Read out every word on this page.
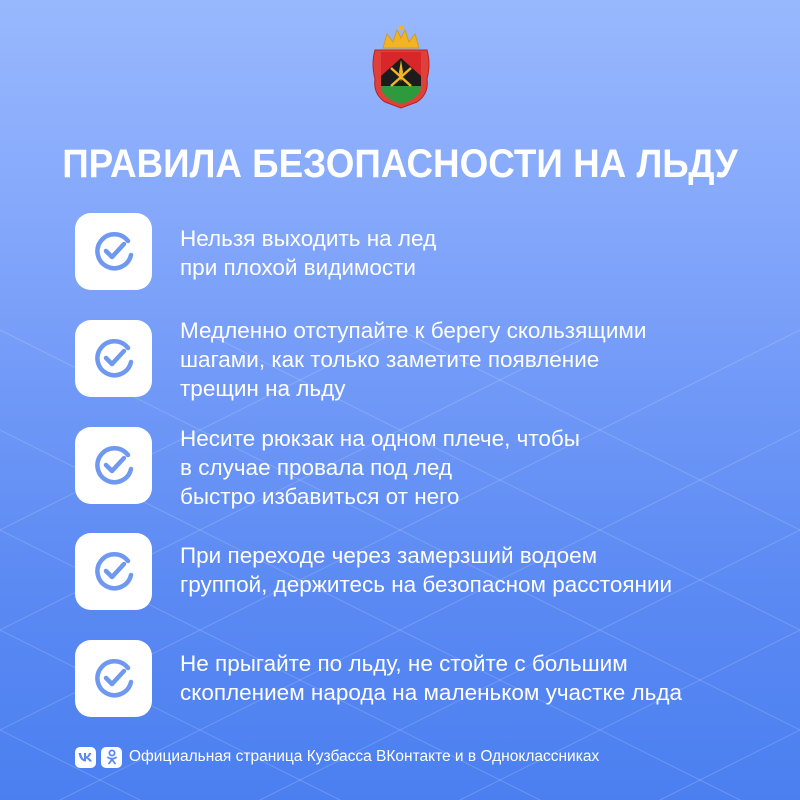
ПРАВИЛА БЕЗОПАСНОСТИ НА ЛЬДУ
Нельзя выходить на лед
при плохой видимости
Медленно отступайте к берегу скользящими
шагами, как только заметите появление
трещин на льду
Несите рюкзак на одном плече, чтобы
в случае провала под лед
быстро избавиться от него
При переходе через замерзший водоем
группой, держитесь на безопасном расстоянии
Не прыгайте по льду, не стойте с большим
скоплением народа на маленьком участке льда
Официальная страница Кузбасса ВКонтакте и в Одноклассниках
